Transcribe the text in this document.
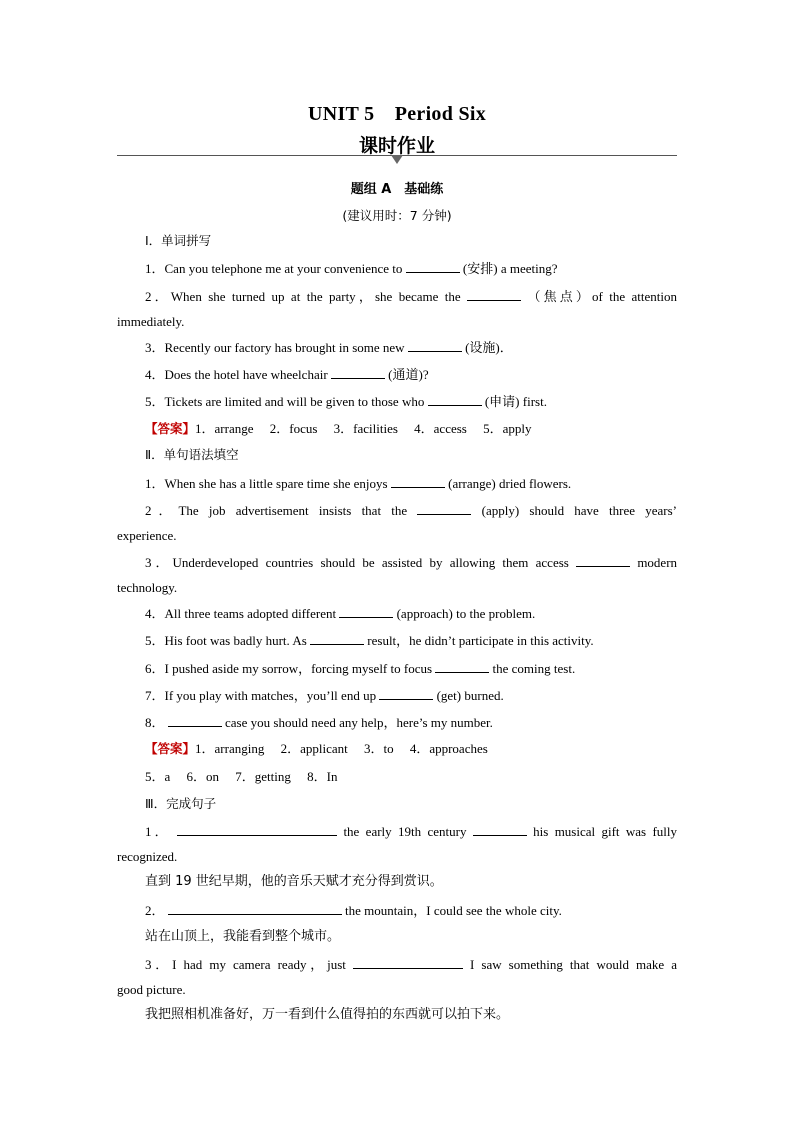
UNIT 5　Period Six
课时作业
题组 A　基础练
(建议用时：7 分钟)
Ⅰ．单词拼写
1．Can you telephone me at your convenience to	(安排) a meeting?
2．When she turned up at the party，she became the	（焦点）of the attention
immediately.
3．Recently our factory has brought in some new	(设施)．
4．Does the hotel have wheelchair	(通道)?
5．Tickets are limited and will be given to those who	(申请) first.
【答案】1．arrange　 2．focus　 3．facilities　 4．access　 5．apply
Ⅱ．单句语法填空
1．When she has a little spare time she enjoys	(arrange) dried flowers.
2．The job advertisement insists that the	(apply) should have three years’
experience.
3．Underdeveloped countries should be assisted by allowing them access	modern
technology.
4．All three teams adopted different	(approach) to the problem.
5．His foot was badly hurt. As	result，he didn’t participate in this activity.
6．I pushed aside my sorrow，forcing myself to focus	the coming test.
7．If you play with matches，you’ll end up	(get) burned.
8．	case you should need any help，here’s my number.
【答案】1．arranging　 2．applicant　 3．to　 4．approaches
5．a　 6．on　 7．getting　 8．In
Ⅲ．完成句子
1．	the early 19th century	his musical gift was fully
recognized.
直到 19 世纪早期，他的音乐天赋才充分得到赏识。
2．	the mountain，I could see the whole city.
站在山顶上，我能看到整个城市。
3．I had my camera ready，just	I saw something that would make a
good picture.
我把照相机准备好，万一看到什么值得拍的东西就可以拍下来。
